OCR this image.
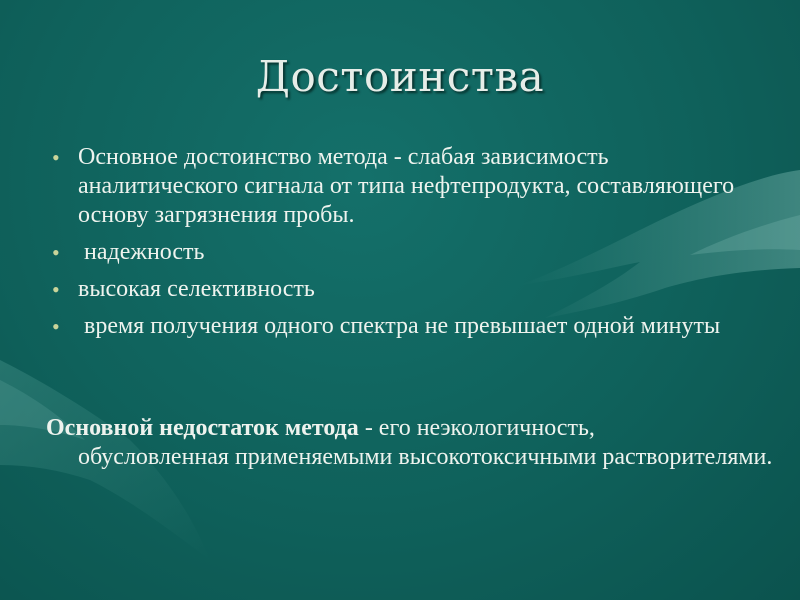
Достоинства
• Основное достоинство метода - слабая зависимость аналитического сигнала от типа нефтепродукта, составляющего основу загрязнения пробы.
• надежность
• высокая селективность
• время получения одного спектра не превышает одной минуты
Основной недостаток метода - его неэкологичность,
обусловленная применяемыми высокотоксичными растворителями.
